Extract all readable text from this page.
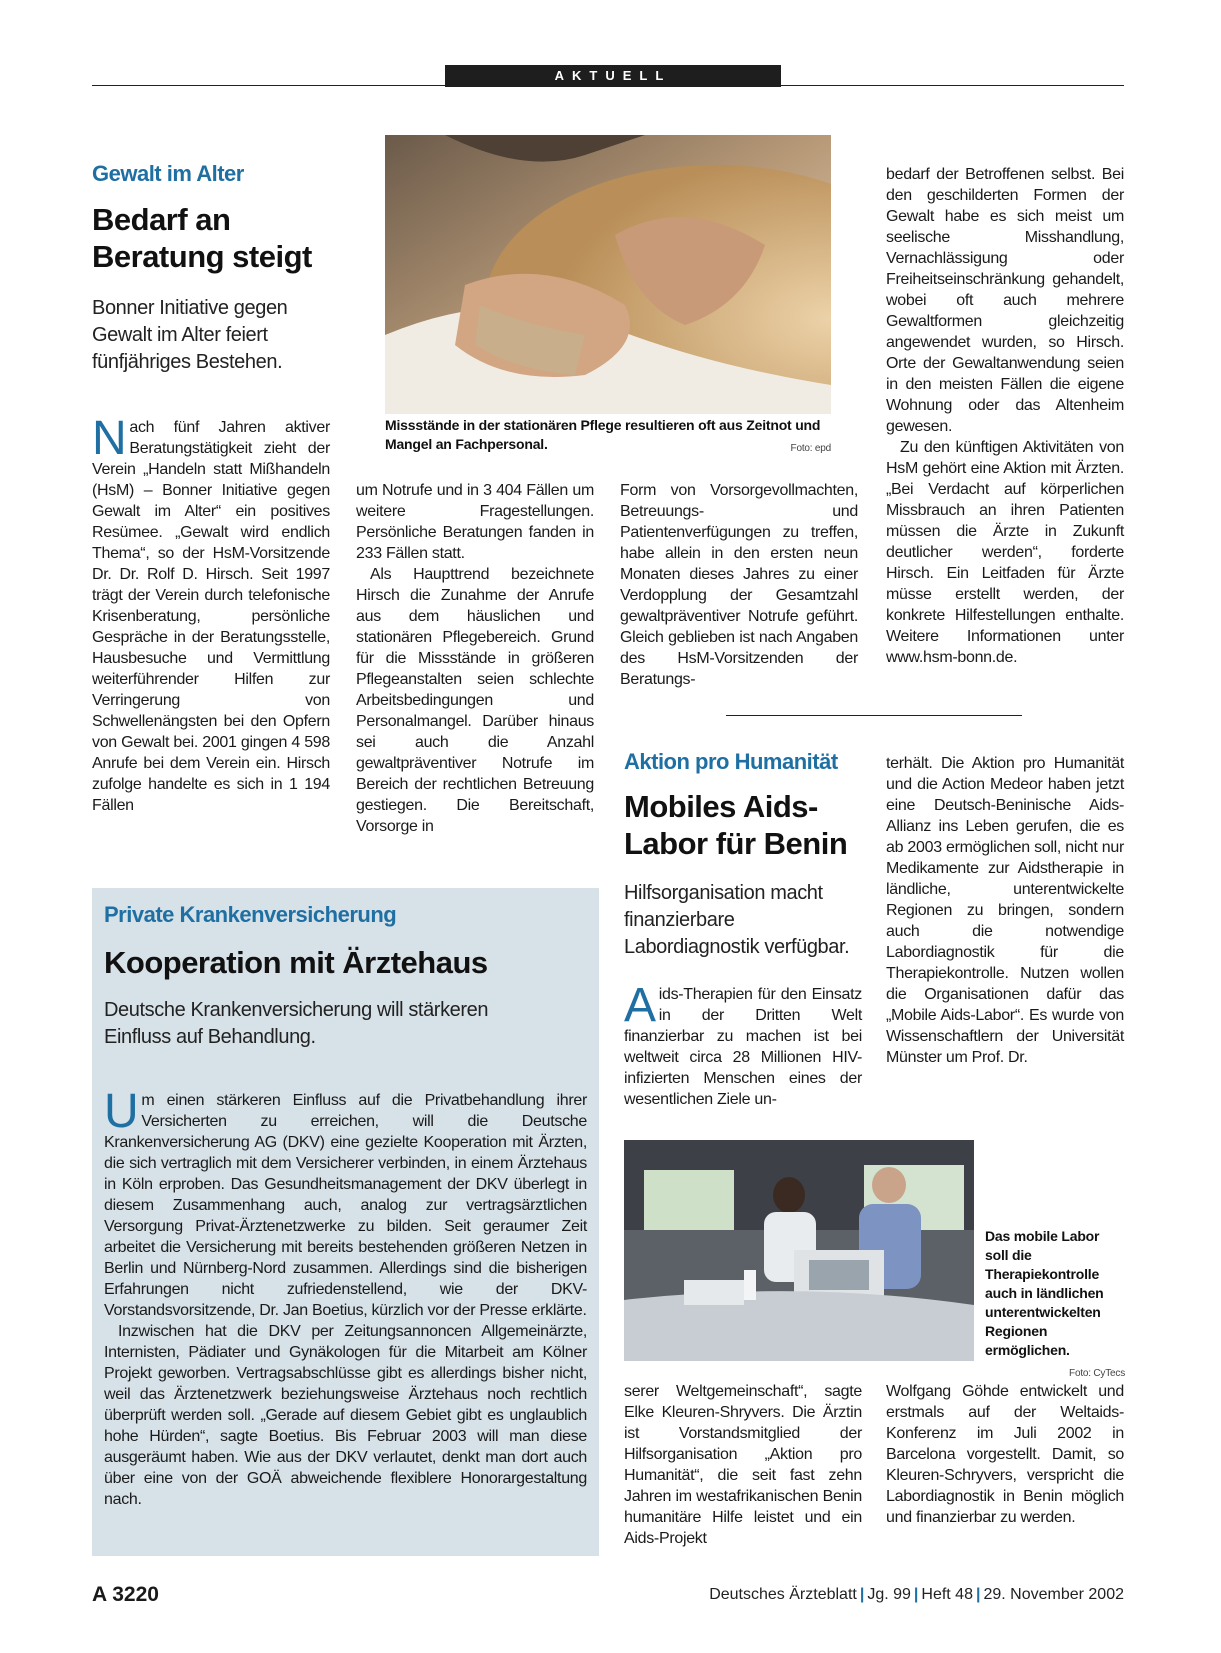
AKTUELL
Gewalt im Alter
Bedarf an
Beratung steigt
Bonner Initiative gegen Gewalt im Alter feiert fünfjähriges Bestehen.
Missstände in der stationären Pflege resultieren oft aus Zeitnot und Mangel an Fachpersonal.	Foto: epd

Nach fünf Jahren aktiver Beratungstätigkeit zieht der Verein „Handeln statt Mißhandeln (HsM) – Bonner Initiative gegen Gewalt im Alter“ ein positives Resümee. „Gewalt wird endlich Thema“, so der HsM-Vorsitzende Dr. Dr. Rolf D. Hirsch. Seit 1997 trägt der Verein durch telefonische Krisenberatung, persönliche Gespräche in der Beratungsstelle, Hausbesuche und Vermittlung weiterführender Hilfen zur Verringerung von Schwellenängsten bei den Opfern von Gewalt bei. 2001 gingen 4 598 Anrufe bei dem Verein ein. Hirsch zufolge handelte es sich in 1 194 Fällen

um Notrufe und in 3 404 Fällen um weitere Fragestellungen. Persönliche Beratungen fanden in 233 Fällen statt.

Als Haupttrend bezeichnete Hirsch die Zunahme der Anrufe aus dem häuslichen und stationären Pflegebereich. Grund für die Missstände in größeren Pflegeanstalten seien schlechte Arbeitsbedingungen und Personalmangel. Darüber hinaus sei auch die Anzahl gewaltpräventiver Notrufe im Bereich der rechtlichen Betreuung gestiegen. Die Bereitschaft, Vorsorge in

Form von Vorsorgevollmachten, Betreuungs- und Patientenverfügungen zu treffen, habe allein in den ersten neun Monaten dieses Jahres zu einer Verdopplung der Gesamtzahl gewaltpräventiver Notrufe geführt. Gleich geblieben ist nach Angaben des HsM-Vorsitzenden der Beratungs-

bedarf der Betroffenen selbst. Bei den geschilderten Formen der Gewalt habe es sich meist um seelische Misshandlung, Vernachlässigung oder Freiheitseinschränkung gehandelt, wobei oft auch mehrere Gewaltformen gleichzeitig angewendet wurden, so Hirsch. Orte der Gewaltanwendung seien in den meisten Fällen die eigene Wohnung oder das Altenheim gewesen.

Zu den künftigen Aktivitäten von HsM gehört eine Aktion mit Ärzten. „Bei Verdacht auf körperlichen Missbrauch an ihren Patienten müssen die Ärzte in Zukunft deutlicher werden“, forderte Hirsch. Ein Leitfaden für Ärzte müsse erstellt werden, der konkrete Hilfestellungen enthalte. Weitere Informationen unter www.hsm-bonn.de.

Private Krankenversicherung
Kooperation mit Ärztehaus
Deutsche Krankenversicherung will stärkeren Einfluss auf Behandlung.

Um einen stärkeren Einfluss auf die Privatbehandlung ihrer Versicherten zu erreichen, will die Deutsche Krankenversicherung AG (DKV) eine gezielte Kooperation mit Ärzten, die sich vertraglich mit dem Versicherer verbinden, in einem Ärztehaus in Köln erproben. Das Gesundheitsmanagement der DKV überlegt in diesem Zusammenhang auch, analog zur vertragsärztlichen Versorgung Privat-Ärztenetzwerke zu bilden. Seit geraumer Zeit arbeitet die Versicherung mit bereits bestehenden größeren Netzen in Berlin und Nürnberg-Nord zusammen. Allerdings sind die bisherigen Erfahrungen nicht zufriedenstellend, wie der DKV-Vorstandsvorsitzende, Dr. Jan Boetius, kürzlich vor der Presse erklärte.

Inzwischen hat die DKV per Zeitungsannoncen Allgemeinärzte, Internisten, Pädiater und Gynäkologen für die Mitarbeit am Kölner Projekt geworben. Vertragsabschlüsse gibt es allerdings bisher nicht, weil das Ärztenetzwerk beziehungsweise Ärztehaus noch rechtlich überprüft werden soll. „Gerade auf diesem Gebiet gibt es unglaublich hohe Hürden“, sagte Boetius. Bis Februar 2003 will man diese ausgeräumt haben. Wie aus der DKV verlautet, denkt man dort auch über eine von der GOÄ abweichende flexiblere Honorargestaltung nach.

Aktion pro Humanität
Mobiles Aids-
Labor für Benin
Hilfsorganisation macht finanzierbare Labordiagnostik verfügbar.

Aids-Therapien für den Einsatz in der Dritten Welt finanzierbar zu machen ist bei weltweit circa 28 Millionen HIV-infizierten Menschen eines der wesentlichen Ziele un-

terhält. Die Aktion pro Humanität und die Action Medeor haben jetzt eine Deutsch-Beninische Aids-Allianz ins Leben gerufen, die es ab 2003 ermöglichen soll, nicht nur Medikamente zur Aidstherapie in ländliche, unterentwickelte Regionen zu bringen, sondern auch die notwendige Labordiagnostik für die Therapiekontrolle. Nutzen wollen die Organisationen dafür das „Mobile Aids-Labor“. Es wurde von Wissenschaftlern der Universität Münster um Prof. Dr.

Das mobile Labor soll die Therapiekontrolle auch in ländlichen unterentwickelten Regionen ermöglichen.
Foto: CyTecs

serer Weltgemeinschaft“, sagte Elke Kleuren-Shryvers. Die Ärztin ist Vorstandsmitglied der Hilfsorganisation „Aktion pro Humanität“, die seit fast zehn Jahren im westafrikanischen Benin humanitäre Hilfe leistet und ein Aids-Projekt

Wolfgang Göhde entwickelt und erstmals auf der Weltaids-Konferenz im Juli 2002 in Barcelona vorgestellt. Damit, so Kleuren-Schryvers, verspricht die Labordiagnostik in Benin möglich und finanzierbar zu werden.

A 3220	Deutsches Ärzteblatt | Jg. 99 | Heft 48 | 29. November 2002
